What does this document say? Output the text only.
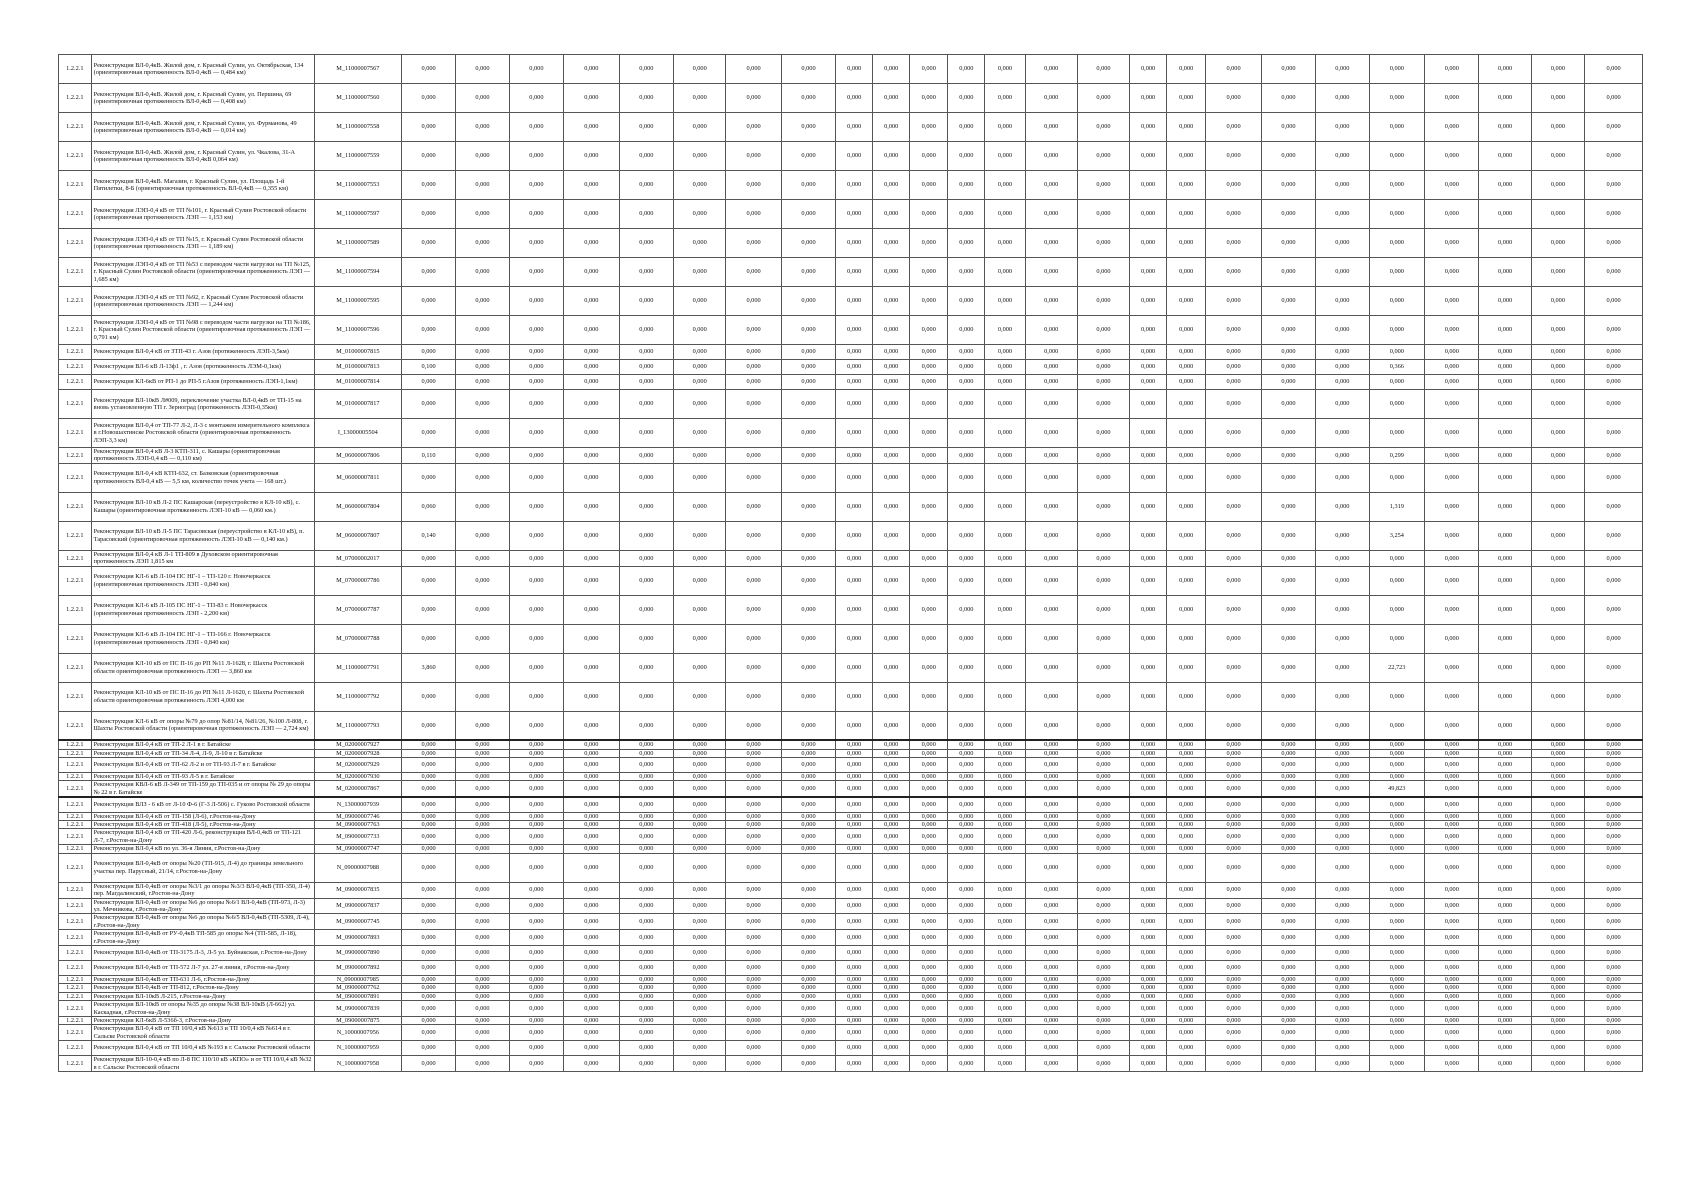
1.2.2.1	Реконструкция ВЛ-0,4кВ. Жилой дом, г. Красный Сулин, ул. Октябрьская, 134 (ориентировочная протяженность ВЛ-0,4кВ — 0,484 км)	M_11000007567	0,000	0,000	0,000	0,000	0,000	0,000	0,000	0,000	0,000	0,000	0,000	0,000	0,000	0,000	0,000	0,000	0,000	0,000	0,000	0,000	0,000	0,000	0,000	0,000	0,000
1.2.2.1	Реконструкция ВЛ-0,4кВ. Жилой дом, г. Красный Сулин, ул. Першина, 69 (ориентировочная протяженность ВЛ-0,4кВ — 0,408 км)	M_11000007560	0,000	0,000	0,000	0,000	0,000	0,000	0,000	0,000	0,000	0,000	0,000	0,000	0,000	0,000	0,000	0,000	0,000	0,000	0,000	0,000	0,000	0,000	0,000	0,000	0,000
1.2.2.1	Реконструкция ВЛ-0,4кВ. Жилой дом, г. Красный Сулин, ул. Фурманова, 49 (ориентировочная протяженность ВЛ-0,4кВ — 0,014 км)	M_11000007558	0,000	0,000	0,000	0,000	0,000	0,000	0,000	0,000	0,000	0,000	0,000	0,000	0,000	0,000	0,000	0,000	0,000	0,000	0,000	0,000	0,000	0,000	0,000	0,000	0,000
1.2.2.1	Реконструкция ВЛ-0,4кВ. Жилой дом, г. Красный Сулин, ул. Чкалова, 31-А (ориентировочная протяженность ВЛ-0,4кВ 0,064 км)	M_11000007559	0,000	0,000	0,000	0,000	0,000	0,000	0,000	0,000	0,000	0,000	0,000	0,000	0,000	0,000	0,000	0,000	0,000	0,000	0,000	0,000	0,000	0,000	0,000	0,000	0,000
1.2.2.1	Реконструкция ВЛ-0,4кВ. Магазин, г. Красный Сулин, ул. Площадь 1-й Пятилетки, 8-Б (ориентировочная протяженность ВЛ-0,4кВ — 0,355 км)	M_11000007553	0,000	0,000	0,000	0,000	0,000	0,000	0,000	0,000	0,000	0,000	0,000	0,000	0,000	0,000	0,000	0,000	0,000	0,000	0,000	0,000	0,000	0,000	0,000	0,000	0,000
1.2.2.1	Реконструкция ЛЭП-0,4 кВ от ТП №101, г. Красный Сулин Ростовской области (ориентировочная протяженность ЛЭП — 1,153 км)	M_11000007597	0,000	0,000	0,000	0,000	0,000	0,000	0,000	0,000	0,000	0,000	0,000	0,000	0,000	0,000	0,000	0,000	0,000	0,000	0,000	0,000	0,000	0,000	0,000	0,000	0,000
1.2.2.1	Реконструкция ЛЭП-0,4 кВ от ТП №15, г. Красный Сулин Ростовской области (ориентировочная протяженность ЛЭП — 1,189 км)	M_11000007589	0,000	0,000	0,000	0,000	0,000	0,000	0,000	0,000	0,000	0,000	0,000	0,000	0,000	0,000	0,000	0,000	0,000	0,000	0,000	0,000	0,000	0,000	0,000	0,000	0,000
1.2.2.1	Реконструкция ЛЭП-0,4 кВ от ТП №53 с переводом части нагрузки на ТП №125, г. Красный Сулин Ростовской области (ориентировочная протяженность ЛЭП — 1,685 км)	M_11000007594	0,000	0,000	0,000	0,000	0,000	0,000	0,000	0,000	0,000	0,000	0,000	0,000	0,000	0,000	0,000	0,000	0,000	0,000	0,000	0,000	0,000	0,000	0,000	0,000	0,000
1.2.2.1	Реконструкция ЛЭП-0,4 кВ от ТП №92, г. Красный Сулин Ростовской области (ориентировочная протяженность ЛЭП — 1,244 км)	M_11000007595	0,000	0,000	0,000	0,000	0,000	0,000	0,000	0,000	0,000	0,000	0,000	0,000	0,000	0,000	0,000	0,000	0,000	0,000	0,000	0,000	0,000	0,000	0,000	0,000	0,000
1.2.2.1	Реконструкция ЛЭП-0,4 кВ от ТП №98 с переводом части нагрузки на ТП №186, г. Красный Сулин Ростовской области (ориентировочная протяженность ЛЭП — 0,791 км)	M_11000007596	0,000	0,000	0,000	0,000	0,000	0,000	0,000	0,000	0,000	0,000	0,000	0,000	0,000	0,000	0,000	0,000	0,000	0,000	0,000	0,000	0,000	0,000	0,000	0,000	0,000
1.2.2.1	Реконструкция ВЛ-0,4 кВ от ЗТП-43 г. Азов (протяженность ЛЭП-3,5км)	M_01000007815	0,000	0,000	0,000	0,000	0,000	0,000	0,000	0,000	0,000	0,000	0,000	0,000	0,000	0,000	0,000	0,000	0,000	0,000	0,000	0,000	0,000	0,000	0,000	0,000	0,000
1.2.2.1	Реконструкция ВЛ-6 кВ Л-13ф1 , г. Азов (протяженность ЛЭМ-0,1км)	M_01000007813	0,100	0,000	0,000	0,000	0,000	0,000	0,000	0,000	0,000	0,000	0,000	0,000	0,000	0,000	0,000	0,000	0,000	0,000	0,000	0,000	0,366	0,000	0,000	0,000	0,000
1.2.2.1	Реконструкция КЛ-6кВ от РП-1 до РП-5 г.Азов (протяженность ЛЭП-1,1км)	M_01000007814	0,000	0,000	0,000	0,000	0,000	0,000	0,000	0,000	0,000	0,000	0,000	0,000	0,000	0,000	0,000	0,000	0,000	0,000	0,000	0,000	0,000	0,000	0,000	0,000	0,000
1.2.2.1	Реконструкция ВЛ-10кВ Л#009, переключение участка ВЛ-0,4кВ от ТП-15 на вновь установленную ТП г. Зерноград (протяженность ЛЭП-0,35км)	M_01000007817	0,000	0,000	0,000	0,000	0,000	0,000	0,000	0,000	0,000	0,000	0,000	0,000	0,000	0,000	0,000	0,000	0,000	0,000	0,000	0,000	0,000	0,000	0,000	0,000	0,000
1.2.2.1	Реконструкция ВЛ-0,4 от ТП-77 Л-2, Л-3 с монтажем измерительного комплекса в г.Новошахтинске Ростовской области (ориентировочная протяженность ЛЭП-3,3 км)	I_13000005504	0,000	0,000	0,000	0,000	0,000	0,000	0,000	0,000	0,000	0,000	0,000	0,000	0,000	0,000	0,000	0,000	0,000	0,000	0,000	0,000	0,000	0,000	0,000	0,000	0,000
1.2.2.1	Реконструкция ВЛ-0,4 кВ Л-3 КТП-311, с. Кашары (ориентировочная протяженность ЛЭП-0,4 кВ — 0,110 км)	M_06000007806	0,110	0,000	0,000	0,000	0,000	0,000	0,000	0,000	0,000	0,000	0,000	0,000	0,000	0,000	0,000	0,000	0,000	0,000	0,000	0,000	0,299	0,000	0,000	0,000	0,000
1.2.2.1	Реконструкция ВЛ-0,4 кВ КТП-632, ст. Базковская (ориентировочная протяженность ВЛ-0,4 кВ — 5,5 км, количество точек учета — 168 шт.)	M_06000007811	0,000	0,000	0,000	0,000	0,000	0,000	0,000	0,000	0,000	0,000	0,000	0,000	0,000	0,000	0,000	0,000	0,000	0,000	0,000	0,000	0,000	0,000	0,000	0,000	0,000
1.2.2.1	Реконструкция ВЛ-10 кВ Л-2 ПС Кашарская (переустройство в КЛ-10 кВ), с. Кашары (ориентировочная протяженность ЛЭП-10 кВ — 0,060 км.)	M_06000007804	0,060	0,000	0,000	0,000	0,000	0,000	0,000	0,000	0,000	0,000	0,000	0,000	0,000	0,000	0,000	0,000	0,000	0,000	0,000	0,000	1,319	0,000	0,000	0,000	0,000
1.2.2.1	Реконструкция ВЛ-10 кВ Л-5 ПС Тарасовская (переустройство в КЛ-10 кВ), п. Тарасовский (ориентировочная протяженность ЛЭП-10 кВ — 0,140 км.)	M_06000007807	0,140	0,000	0,000	0,000	0,000	0,000	0,000	0,000	0,000	0,000	0,000	0,000	0,000	0,000	0,000	0,000	0,000	0,000	0,000	0,000	3,254	0,000	0,000	0,000	0,000
1.2.2.1	Реконструкция ВЛ-0,4 кВ Л-1 ТП-809 в Духовском ориентировочная протяженность ЛЭП 1,815 км	M_07000002017	0,000	0,000	0,000	0,000	0,000	0,000	0,000	0,000	0,000	0,000	0,000	0,000	0,000	0,000	0,000	0,000	0,000	0,000	0,000	0,000	0,000	0,000	0,000	0,000	0,000
1.2.2.1	Реконструкция КЛ-6 кВ Л-104 ПС НГ-1 – ТП-120 г. Новочеркасск (ориентировочная протяженность ЛЭП - 0,840 км)	M_07000007786	0,000	0,000	0,000	0,000	0,000	0,000	0,000	0,000	0,000	0,000	0,000	0,000	0,000	0,000	0,000	0,000	0,000	0,000	0,000	0,000	0,000	0,000	0,000	0,000	0,000
1.2.2.1	Реконструкция КЛ-6 кВ Л-105 ПС НГ-1 – ТП-83 г. Новочеркасск (ориентировочная протяженность ЛЭП - 2,200 км)	M_07000007787	0,000	0,000	0,000	0,000	0,000	0,000	0,000	0,000	0,000	0,000	0,000	0,000	0,000	0,000	0,000	0,000	0,000	0,000	0,000	0,000	0,000	0,000	0,000	0,000	0,000
1.2.2.1	Реконструкция КЛ-6 кВ Л-104 ПС НГ-1 – ТП-166 г. Новочеркасск (ориентировочная протяженность ЛЭП - 0,840 км)	M_07000007788	0,000	0,000	0,000	0,000	0,000	0,000	0,000	0,000	0,000	0,000	0,000	0,000	0,000	0,000	0,000	0,000	0,000	0,000	0,000	0,000	0,000	0,000	0,000	0,000	0,000
1.2.2.1	Реконструкция КЛ-10 кВ от ПС П-16 до РП №11 Л-1628, г. Шахты Ростовской области ориентировочная протяженность ЛЭП — 3,860 км	M_11000007791	3,860	0,000	0,000	0,000	0,000	0,000	0,000	0,000	0,000	0,000	0,000	0,000	0,000	0,000	0,000	0,000	0,000	0,000	0,000	0,000	22,723	0,000	0,000	0,000	0,000
1.2.2.1	Реконструкция КЛ-10 кВ от ПС П-16 до РП №11 Л-1620, г. Шахты Ростовской области ориентировочная протяженность ЛЭП 4,000 км	M_11000007792	0,000	0,000	0,000	0,000	0,000	0,000	0,000	0,000	0,000	0,000	0,000	0,000	0,000	0,000	0,000	0,000	0,000	0,000	0,000	0,000	0,000	0,000	0,000	0,000	0,000
1.2.2.1	Реконструкция КЛ-6 кВ от опоры №79 до опор №81/14, №81/26, №100 Л-808, г. Шахты Ростовской области (ориентировочная протяженность ЛЭП — 2,724 км)	M_11000007793	0,000	0,000	0,000	0,000	0,000	0,000	0,000	0,000	0,000	0,000	0,000	0,000	0,000	0,000	0,000	0,000	0,000	0,000	0,000	0,000	0,000	0,000	0,000	0,000	0,000
1.2.2.1	Реконструкция ВЛ-0,4 кВ от ТП-2 Л-1 в г. Батайске	M_02000007927	0,000	0,000	0,000	0,000	0,000	0,000	0,000	0,000	0,000	0,000	0,000	0,000	0,000	0,000	0,000	0,000	0,000	0,000	0,000	0,000	0,000	0,000	0,000	0,000	0,000
1.2.2.1	Реконструкция ВЛ-0,4 кВ от ТП-34 Л-4, Л-9, Л-10 в г. Батайске	M_02000007928	0,000	0,000	0,000	0,000	0,000	0,000	0,000	0,000	0,000	0,000	0,000	0,000	0,000	0,000	0,000	0,000	0,000	0,000	0,000	0,000	0,000	0,000	0,000	0,000	0,000
1.2.2.1	Реконструкция ВЛ-0,4 кВ от ТП-62 Л-2 и от ТП-93 Л-7 в г. Батайске	M_02000007929	0,000	0,000	0,000	0,000	0,000	0,000	0,000	0,000	0,000	0,000	0,000	0,000	0,000	0,000	0,000	0,000	0,000	0,000	0,000	0,000	0,000	0,000	0,000	0,000	0,000
1.2.2.1	Реконструкция ВЛ-0,4 кВ от ТП-93 Л-5 в г. Батайске	M_02000007930	0,000	0,000	0,000	0,000	0,000	0,000	0,000	0,000	0,000	0,000	0,000	0,000	0,000	0,000	0,000	0,000	0,000	0,000	0,000	0,000	0,000	0,000	0,000	0,000	0,000
1.2.2.1	Реконструкция КВЛ-6 кВ Л-349 от ТП-159 до ТП-035 и от опоры № 29 до опоры № 22 в г. Батайске	M_02000007867	0,000	0,000	0,000	0,000	0,000	0,000	0,000	0,000	0,000	0,000	0,000	0,000	0,000	0,000	0,000	0,000	0,000	0,000	0,000	0,000	49,823	0,000	0,000	0,000	0,000
1.2.2.1	Реконструкция ВЛЗ - 6 кВ от Л-10 Ф-6 (Г-3 Л-506) с. Гуково Ростовской области	N_13000007939	0,000	0,000	0,000	0,000	0,000	0,000	0,000	0,000	0,000	0,000	0,000	0,000	0,000	0,000	0,000	0,000	0,000	0,000	0,000	0,000	0,000	0,000	0,000	0,000	0,000
1.2.2.1	Реконструкция ВЛ-0,4 кВ от ТП-158 (Л-6), г.Ростов-на-Дону	M_09000007746	0,000	0,000	0,000	0,000	0,000	0,000	0,000	0,000	0,000	0,000	0,000	0,000	0,000	0,000	0,000	0,000	0,000	0,000	0,000	0,000	0,000	0,000	0,000	0,000	0,000
1.2.2.1	Реконструкция ВЛ-0,4 кВ от ТП-418 (Л-5), г.Ростов-на-Дону	M_09000007763	0,000	0,000	0,000	0,000	0,000	0,000	0,000	0,000	0,000	0,000	0,000	0,000	0,000	0,000	0,000	0,000	0,000	0,000	0,000	0,000	0,000	0,000	0,000	0,000	0,000
1.2.2.1	Реконструкция ВЛ-0,4 кВ от ТП-420 Л-6, реконструкция ВЛ-0,4кВ от ТП-121 Л-7, г.Ростов-на-Дону	M_09000007733	0,000	0,000	0,000	0,000	0,000	0,000	0,000	0,000	0,000	0,000	0,000	0,000	0,000	0,000	0,000	0,000	0,000	0,000	0,000	0,000	0,000	0,000	0,000	0,000	0,000
1.2.2.1	Реконструкция ВЛ-0,4 кВ по ул. 36-я Линия, г.Ростов-на-Дону	M_09000007747	0,000	0,000	0,000	0,000	0,000	0,000	0,000	0,000	0,000	0,000	0,000	0,000	0,000	0,000	0,000	0,000	0,000	0,000	0,000	0,000	0,000	0,000	0,000	0,000	0,000
1.2.2.1	Реконструкция ВЛ-0,4кВ от опоры №20 (ТП-915, Л-4) до границы земельного участка пер. Парусный, 21/14, г.Ростов-на-Дону	N_09000007988	0,000	0,000	0,000	0,000	0,000	0,000	0,000	0,000	0,000	0,000	0,000	0,000	0,000	0,000	0,000	0,000	0,000	0,000	0,000	0,000	0,000	0,000	0,000	0,000	0,000
1.2.2.1	Реконструкция ВЛ-0,4кВ от опоры №3/1 до опоры №3/3 ВЛ-0,4кВ (ТП-350, Л-4) пер. Магдалинский, г.Ростов-на-Дону	M_09000007835	0,000	0,000	0,000	0,000	0,000	0,000	0,000	0,000	0,000	0,000	0,000	0,000	0,000	0,000	0,000	0,000	0,000	0,000	0,000	0,000	0,000	0,000	0,000	0,000	0,000
1.2.2.1	Реконструкция ВЛ-0,4кВ от опоры №6 до опоры №6/1 ВЛ-0,4кВ (ТП-973, Л-3) ул. Мечникова, г.Ростов-на-Дону	M_09000007837	0,000	0,000	0,000	0,000	0,000	0,000	0,000	0,000	0,000	0,000	0,000	0,000	0,000	0,000	0,000	0,000	0,000	0,000	0,000	0,000	0,000	0,000	0,000	0,000	0,000
1.2.2.1	Реконструкция ВЛ-0,4кВ от опоры №6 до опоры №6/5 ВЛ-0,4кВ (ТП-5309, Л-4), г.Ростов-на-Дону	M_09000007745	0,000	0,000	0,000	0,000	0,000	0,000	0,000	0,000	0,000	0,000	0,000	0,000	0,000	0,000	0,000	0,000	0,000	0,000	0,000	0,000	0,000	0,000	0,000	0,000	0,000
1.2.2.1	Реконструкция ВЛ-0,4кВ от РУ-0,4кВ ТП-585 до опоры №4 (ТП-585, Л-18), г.Ростов-на-Дону	M_09000007893	0,000	0,000	0,000	0,000	0,000	0,000	0,000	0,000	0,000	0,000	0,000	0,000	0,000	0,000	0,000	0,000	0,000	0,000	0,000	0,000	0,000	0,000	0,000	0,000	0,000
1.2.2.1	Реконструкция ВЛ-0,4кВ от ТП-3175 Л-3, Л-5 ул. Буйнакская, г.Ростов-на-Дону	M_09000007890	0,000	0,000	0,000	0,000	0,000	0,000	0,000	0,000	0,000	0,000	0,000	0,000	0,000	0,000	0,000	0,000	0,000	0,000	0,000	0,000	0,000	0,000	0,000	0,000	0,000
1.2.2.1	Реконструкция ВЛ-0,4кВ от ТП-572 Л-7 ул. 27-я линия, г.Ростов-на-Дону	M_09000007892	0,000	0,000	0,000	0,000	0,000	0,000	0,000	0,000	0,000	0,000	0,000	0,000	0,000	0,000	0,000	0,000	0,000	0,000	0,000	0,000	0,000	0,000	0,000	0,000	0,000
1.2.2.1	Реконструкция ВЛ-0,4кВ от ТП-631 Л-6, г.Ростов-на-Дону	N_09000007985	0,000	0,000	0,000	0,000	0,000	0,000	0,000	0,000	0,000	0,000	0,000	0,000	0,000	0,000	0,000	0,000	0,000	0,000	0,000	0,000	0,000	0,000	0,000	0,000	0,000
1.2.2.1	Реконструкция ВЛ-0,4кВ от ТП-812, г.Ростов-на-Дону	M_09000007762	0,000	0,000	0,000	0,000	0,000	0,000	0,000	0,000	0,000	0,000	0,000	0,000	0,000	0,000	0,000	0,000	0,000	0,000	0,000	0,000	0,000	0,000	0,000	0,000	0,000
1.2.2.1	Реконструкция ВЛ-10кВ Л-215, г.Ростов-на-Дону	M_09000007891	0,000	0,000	0,000	0,000	0,000	0,000	0,000	0,000	0,000	0,000	0,000	0,000	0,000	0,000	0,000	0,000	0,000	0,000	0,000	0,000	0,000	0,000	0,000	0,000	0,000
1.2.2.1	Реконструкция ВЛ-10кВ от опоры №35 до опоры №38 ВЛ-10кВ (Л-662) ул. Каскадная, г.Ростов-на-Дону	M_09000007839	0,000	0,000	0,000	0,000	0,000	0,000	0,000	0,000	0,000	0,000	0,000	0,000	0,000	0,000	0,000	0,000	0,000	0,000	0,000	0,000	0,000	0,000	0,000	0,000	0,000
1.2.2.1	Реконструкция КЛ-6кВ Л-536б-3, г.Ростов-на-Дону	M_09000007875	0,000	0,000	0,000	0,000	0,000	0,000	0,000	0,000	0,000	0,000	0,000	0,000	0,000	0,000	0,000	0,000	0,000	0,000	0,000	0,000	0,000	0,000	0,000	0,000	0,000
1.2.2.1	Реконструкция ВЛ-0,4 кВ от ТП 10/0,4 кВ №613 и ТП 10/0,4 кВ №614 в г. Сальске Ростовской области	N_10000007956	0,000	0,000	0,000	0,000	0,000	0,000	0,000	0,000	0,000	0,000	0,000	0,000	0,000	0,000	0,000	0,000	0,000	0,000	0,000	0,000	0,000	0,000	0,000	0,000	0,000
1.2.2.1	Реконструкция ВЛ-0,4 кВ от ТП 10/0,4 кВ №193 в г. Сальске Ростовской области	N_10000007959	0,000	0,000	0,000	0,000	0,000	0,000	0,000	0,000	0,000	0,000	0,000	0,000	0,000	0,000	0,000	0,000	0,000	0,000	0,000	0,000	0,000	0,000	0,000	0,000	0,000
1.2.2.1	Реконструкция ВЛ-10-0,4 кВ по Л-8 ПС 110/10 кВ «КПО» и от ТП 10/0,4 кВ №32 в г. Сальске Ростовской области	N_10000007958	0,000	0,000	0,000	0,000	0,000	0,000	0,000	0,000	0,000	0,000	0,000	0,000	0,000	0,000	0,000	0,000	0,000	0,000	0,000	0,000	0,000	0,000	0,000	0,000	0,000
